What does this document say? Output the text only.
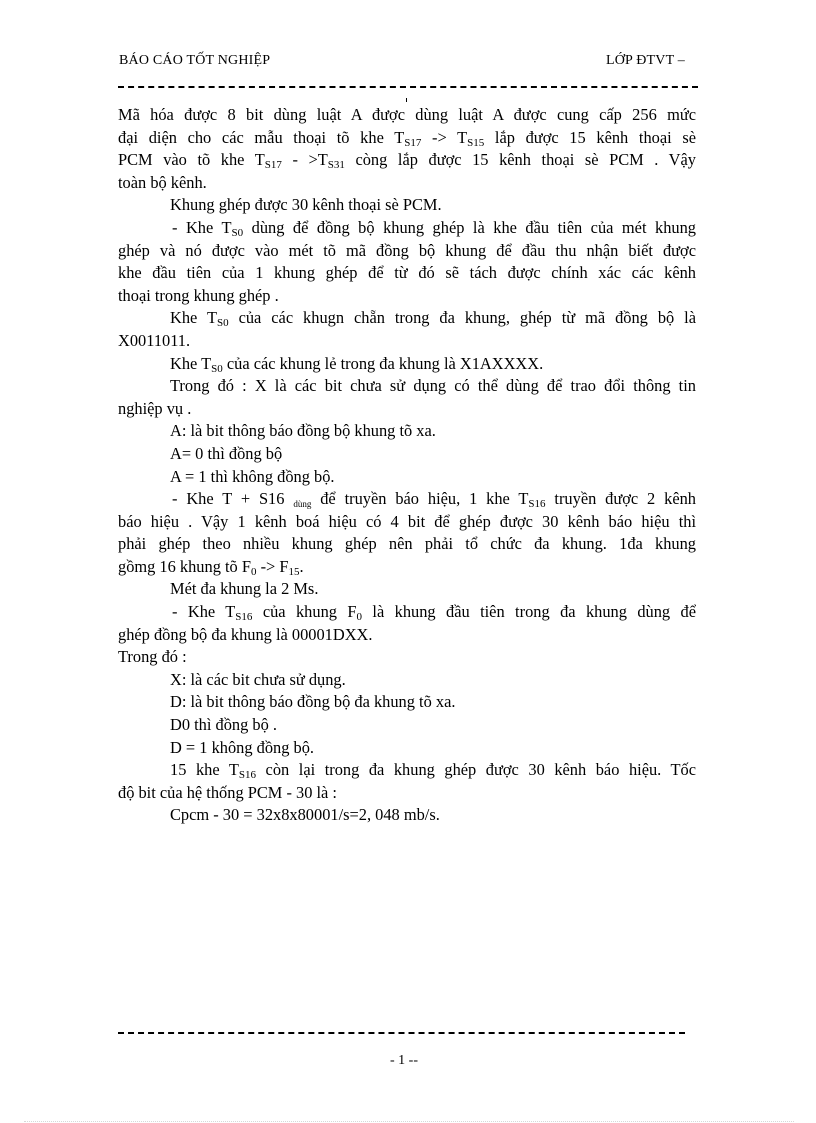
BÁO CÁO TỐT NGHIỆP	LỚP ĐTVT –
Mã hóa được 8 bit dùng luật A được dùng luật A được cung cấp 256 mức
đại diện cho các mẫu thoại tõ khe $T_{S17} -> T_{S15}$ lắp được 15 kênh thoại sè
PCM vào tõ khe $T_{S17} - >T_{S31}$ còng lắp được 15 kênh thoại sè PCM . Vậy
toàn bộ kênh.
Khung ghép được 30 kênh thoại sè PCM.
- Khe $T_{S0}$ dùng để đồng bộ khung ghép là khe đầu tiên của mét khung
ghép và nó được vào mét tõ mã đồng bộ khung để đầu thu nhận biết được
khe đầu tiên của 1 khung ghép để từ đó sẽ tách được chính xác các kênh
thoại trong khung ghép .
Khe $T_{S0}$ của các khugn chẵn trong đa khung, ghép từ mã đồng bộ là
X0011011.
Khe $T_{S0}$ của các khung lẻ trong đa khung là X1AXXXX.
Trong đó : X là các bit chưa sử dụng có thể dùng để trao đổi thông tin
nghiệp vụ .
A: là bit thông báo đồng bộ khung tõ xa.
A= 0 thì đồng bộ
A = 1 thì không đồng bộ.
- Khe T + S16 $_{dùng}$ để truyền báo hiệu, 1 khe $T_{S16}$ truyền được 2 kênh
báo hiệu . Vậy 1 kênh boá hiệu có 4 bit để ghép được 30 kênh báo hiệu thì
phải ghép theo nhiều khung ghép nên phải tổ chức đa khung. 1đa khung
gồmg 16 khung tõ $F_0 -> F_{15}$.
Mét đa khung la 2 Ms.
- Khe $T_{S16}$ của khung $F_0$ là khung đầu tiên trong đa khung dùng để
ghép đồng bộ đa khung là 00001DXX.
Trong đó :
X: là các bit chưa sử dụng.
D: là bit thông báo đồng bộ đa khung tõ xa.
D0 thì đồng bộ .
D = 1 không đồng bộ.
15 khe $T_{S16}$ còn lại trong đa khung ghép được 30 kênh báo hiệu. Tốc
độ bit của hệ thống PCM - 30 là :
Cpcm - 30 = 32x8x80001/s=2, 048 mb/s.
- 1 --
